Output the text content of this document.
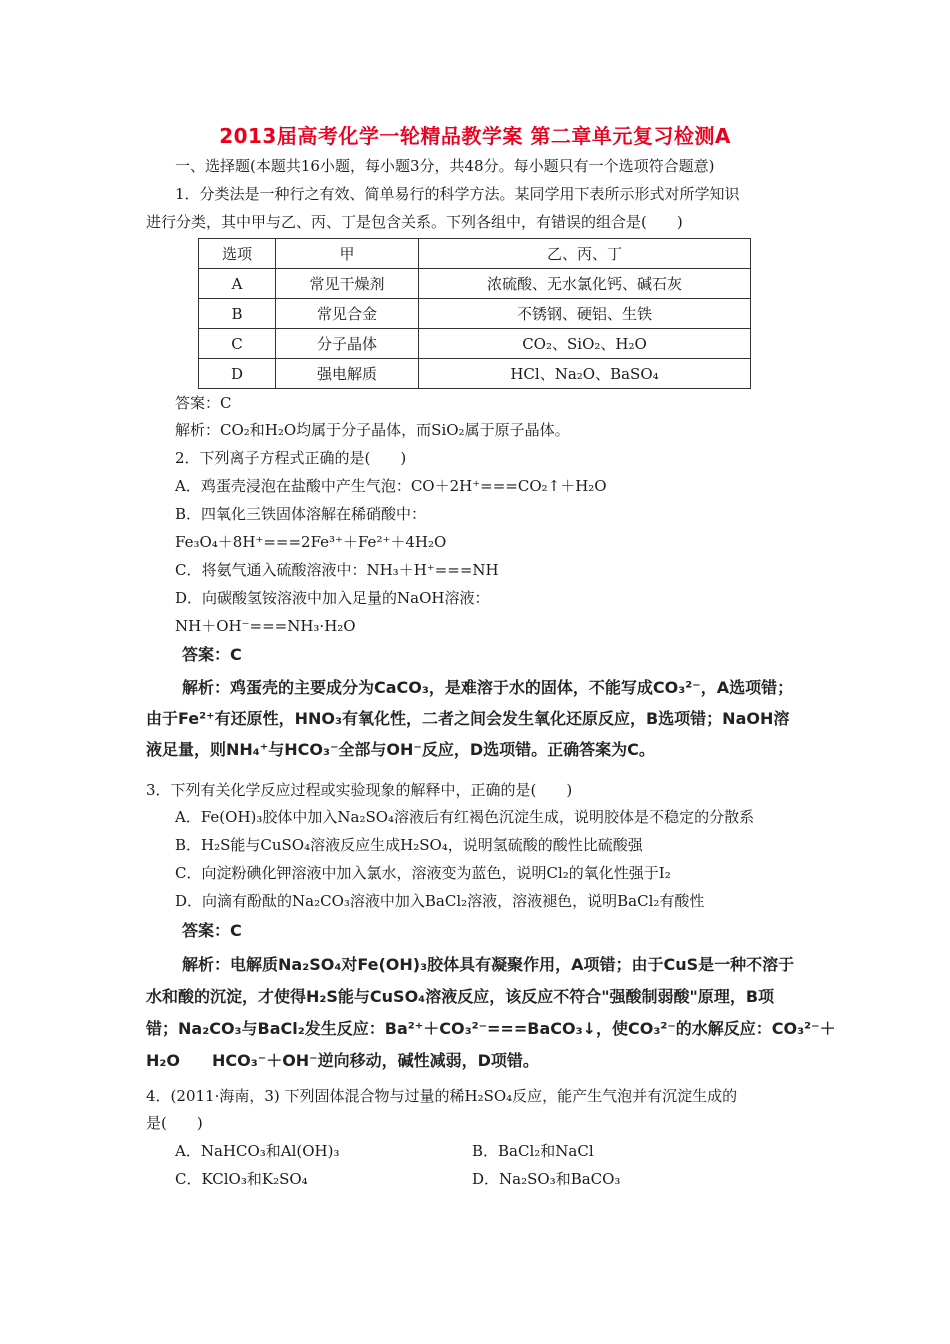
2013届高考化学一轮精品教学案 第二章单元复习检测A
一、选择题(本题共16小题，每小题3分，共48分。每小题只有一个选项符合题意)
1．分类法是一种行之有效、简单易行的科学方法。某同学用下表所示形式对所学知识
进行分类，其中甲与乙、丙、丁是包含关系。下列各组中，有错误的组合是(　　)
选项	甲	乙、丙、丁
A	常见干燥剂	浓硫酸、无水氯化钙、碱石灰
B	常见合金	不锈钢、硬铝、生铁
C	分子晶体	CO₂、SiO₂、H₂O
D	强电解质	HCl、Na₂O、BaSO₄
答案：C
解析：CO₂和H₂O均属于分子晶体，而SiO₂属于原子晶体。
2．下列离子方程式正确的是(　　)
A．鸡蛋壳浸泡在盐酸中产生气泡：CO＋2H⁺===CO₂↑＋H₂O
B．四氧化三铁固体溶解在稀硝酸中：
Fe₃O₄＋8H⁺===2Fe³⁺＋Fe²⁺＋4H₂O
C．将氨气通入硫酸溶液中：NH₃＋H⁺===NH
D．向碳酸氢铵溶液中加入足量的NaOH溶液：
NH＋OH⁻===NH₃·H₂O
答案：C
解析：鸡蛋壳的主要成分为CaCO₃，是难溶于水的固体，不能写成CO₃²⁻，A选项错；
由于Fe²⁺有还原性，HNO₃有氧化性，二者之间会发生氧化还原反应，B选项错；NaOH溶
液足量，则NH₄⁺与HCO₃⁻全部与OH⁻反应，D选项错。正确答案为C。
3．下列有关化学反应过程或实验现象的解释中，正确的是(　　)
A．Fe(OH)₃胶体中加入Na₂SO₄溶液后有红褐色沉淀生成，说明胶体是不稳定的分散系
B．H₂S能与CuSO₄溶液反应生成H₂SO₄，说明氢硫酸的酸性比硫酸强
C．向淀粉碘化钾溶液中加入氯水，溶液变为蓝色，说明Cl₂的氧化性强于I₂
D．向滴有酚酞的Na₂CO₃溶液中加入BaCl₂溶液，溶液褪色，说明BaCl₂有酸性
答案：C
解析：电解质Na₂SO₄对Fe(OH)₃胶体具有凝聚作用，A项错；由于CuS是一种不溶于
水和酸的沉淀，才使得H₂S能与CuSO₄溶液反应，该反应不符合"强酸制弱酸"原理，B项
错；Na₂CO₃与BaCl₂发生反应：Ba²⁺＋CO₃²⁻===BaCO₃↓，使CO₃²⁻的水解反应：CO₃²⁻＋
H₂O　　HCO₃⁻＋OH⁻逆向移动，碱性减弱，D项错。
4．(2011·海南，3) 下列固体混合物与过量的稀H₂SO₄反应，能产生气泡并有沉淀生成的
是(　　)
A．NaHCO₃和Al(OH)₃	B．BaCl₂和NaCl
C．KClO₃和K₂SO₄	D．Na₂SO₃和BaCO₃
